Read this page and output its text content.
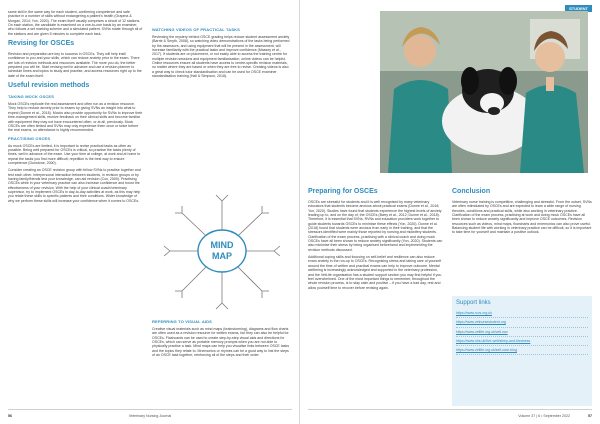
same skill in the same way for each student, confirming competence and safe practice in a number of skills without endangering a patient's health (Grapma & Morgan, 2014; Yon, 2020). The exam itself usually comprises a circuit of 12 stations. On each station, the candidate is examined on a one-to-one basis by an examiner, who follows a set marking scheme and a simulated patient. SVNs rotate through all of the stations and are given 5 minutes to complete each task.

Revising for OSCEs

Revision and preparation are key to success in OSCEs. They will help instil confidence in you and your skills, which can reduce anxiety prior to the exam. There are lots of revision methods and resources available. The more you do, the better prepared you will be. Start revising well in advance and use a revision planner to schedule times and topics to study and practise, and access resources right up to the date of the exam itself.

Useful revision methods
TAKING MOCK OSCES

Mock OSCEs replicate the real assessment and often run as a revision resource. They help to reduce anxiety prior to exams by giving SVNs an insight into what to expect (Dunne et al., 2018). Mocks also provide opportunity for SVNs to improve their time-management skills, receive feedback on their clinical skills and become familiar with equipment they may not have encountered often, or at all, previously. Mock OSCEs are often limited and SVNs may only experience them once or twice before the real exams, so attendance is highly recommended.

PRACTISING OSCES

As mock OSCEs are limited, it is important to revise practical tasks as often as possible. Being well prepared for OSCEs is critical, so practise the tasks plenty of times, well in advance of the exam. Use your time at college, at work and at home to repeat the tasks you find more difficult; repetition is the best way to ensure competence (Dunstone, 2000).

Consider creating an OSCE revision group with fellow SVNs to practise together and test each other. Interpersonal interaction between students, in revision groups or by having family/friends test your knowledge, can aid revision (Cox, 2009). Practising OSCEs while in your veterinary practice can also increase confidence and boost the effectiveness of your revision. With the help of your clinical coach/veterinary supervisor, try to implement OSCEs in day-to-day activities at work, as this may help you relate these skills to specific patients and their conditions. Wider knowledge of why we perform these skills will increase your confidence when it comes to OSCEs.

WATCHING VIDEOS OF PRACTICAL TASKS

Reviewing the mystery behind OSCE grading helps reduce student assessment anxiety (Barrie & Smyth, 2008), so watching video demonstrations of the tasks being performed by the assessors, and using equipment that will be present in the assessment, will increase familiarity with the practical tasks and improve confidence (Massey et al., 2017). If students are on placement, or not easily able to access the training centre for multiple revision sessions and equipment familiarisation, online videos can be helpful. Online resources ensure all students have access to centre-specific revision materials, no matter where they are based or when they are free to revise. Creating videos is also a great way to check tutor standardisation and can be used for OSCE examiner standardisation training (Hall & Simpson, 2018).

MIND
MAP
REFERRING TO VISUAL AIDS

Creative visual materials such as mind maps (brainstorming), diagrams and flow charts are often used as a revision resource for written exams, but they can also be helpful for OSCEs. Flashcards can be used to create step-by-step visual aids and directions for OSCEs, which can serve as portable memory prompts when you are not able to physically practise a task. Mind maps can help you visualise links between OSCE tasks and the topics they relate to. Mnemonics or rhymes can be a good way to link the steps of an OSCE task together, reinforcing all of the steps and their order.

56	Veterinary Nursing Journal
STUDENT
Preparing for OSCEs

OSCEs are stressful for students and it is well recognised by many veterinary educators that students become anxious about practical exams (Dunne et al., 2018; Yon, 2020). Studies have found that students experience the highest levels of anxiety leading up to, and on the day of, the OSCEs (Barry et al., 2012; Dunne et al., 2018). Therefore, it is essential that SVNs, RVNs and education providers work together to guide students towards OSCEs to minimise these effects (Yon, 2020). Dunne et al. (2018) found that students were anxious from early in their training, and that the stressors identified were mainly those reported by nursing and midwifery students. Clarification of the exam process, practising with a clinical coach and doing mock OSCEs have all been shown to reduce anxiety significantly (Yon, 2020). Students can also minimise their stress by being organised beforehand and implementing the revision methods discussed.

Additional coping skills and focusing on self-belief and resilience can also reduce exam anxiety in the run-up to OSCEs. Recognising stress and taking care of yourself around the time of written and practical exams can help to improve outcome. Mental wellbeing is increasingly acknowledged and supported in the veterinary profession, and the VetLife organisation has a student support section you may find helpful if you feel overwhelmed. One of the most important things to remember, throughout the whole revision process, is to stay calm and positive – if you have a bad day, rest and allow yourself time to recover before revising again.

Conclusion

Veterinary nurse training is competitive, challenging and stressful. From the outset, SVNs are often intimidated by OSCEs and are expected to learn a wide range of nursing theories, conditions and practical skills, while also working in veterinary practice. Clarification of the exam process, practising at work and doing mock OSCEs have all been shown to reduce anxiety significantly and improve OSCE outcomes. Revision resources such as videos, mind maps, flowcharts and mnemonics can also prove useful. Balancing student life with working in veterinary practice can be difficult, so it is important to take time for yourself and maintain a positive outlook.

Support links
https://www.rcvs.org.uk
https://www.vetnursestudent.org
https://www.vetlife.org.uk/vetl.nav
https://www.nhs.uk/live-well/sleep-and-tiredness
https://www.vetlife.org.uk/self-care-blog
Volume 37 | 6 • September 2022	57
